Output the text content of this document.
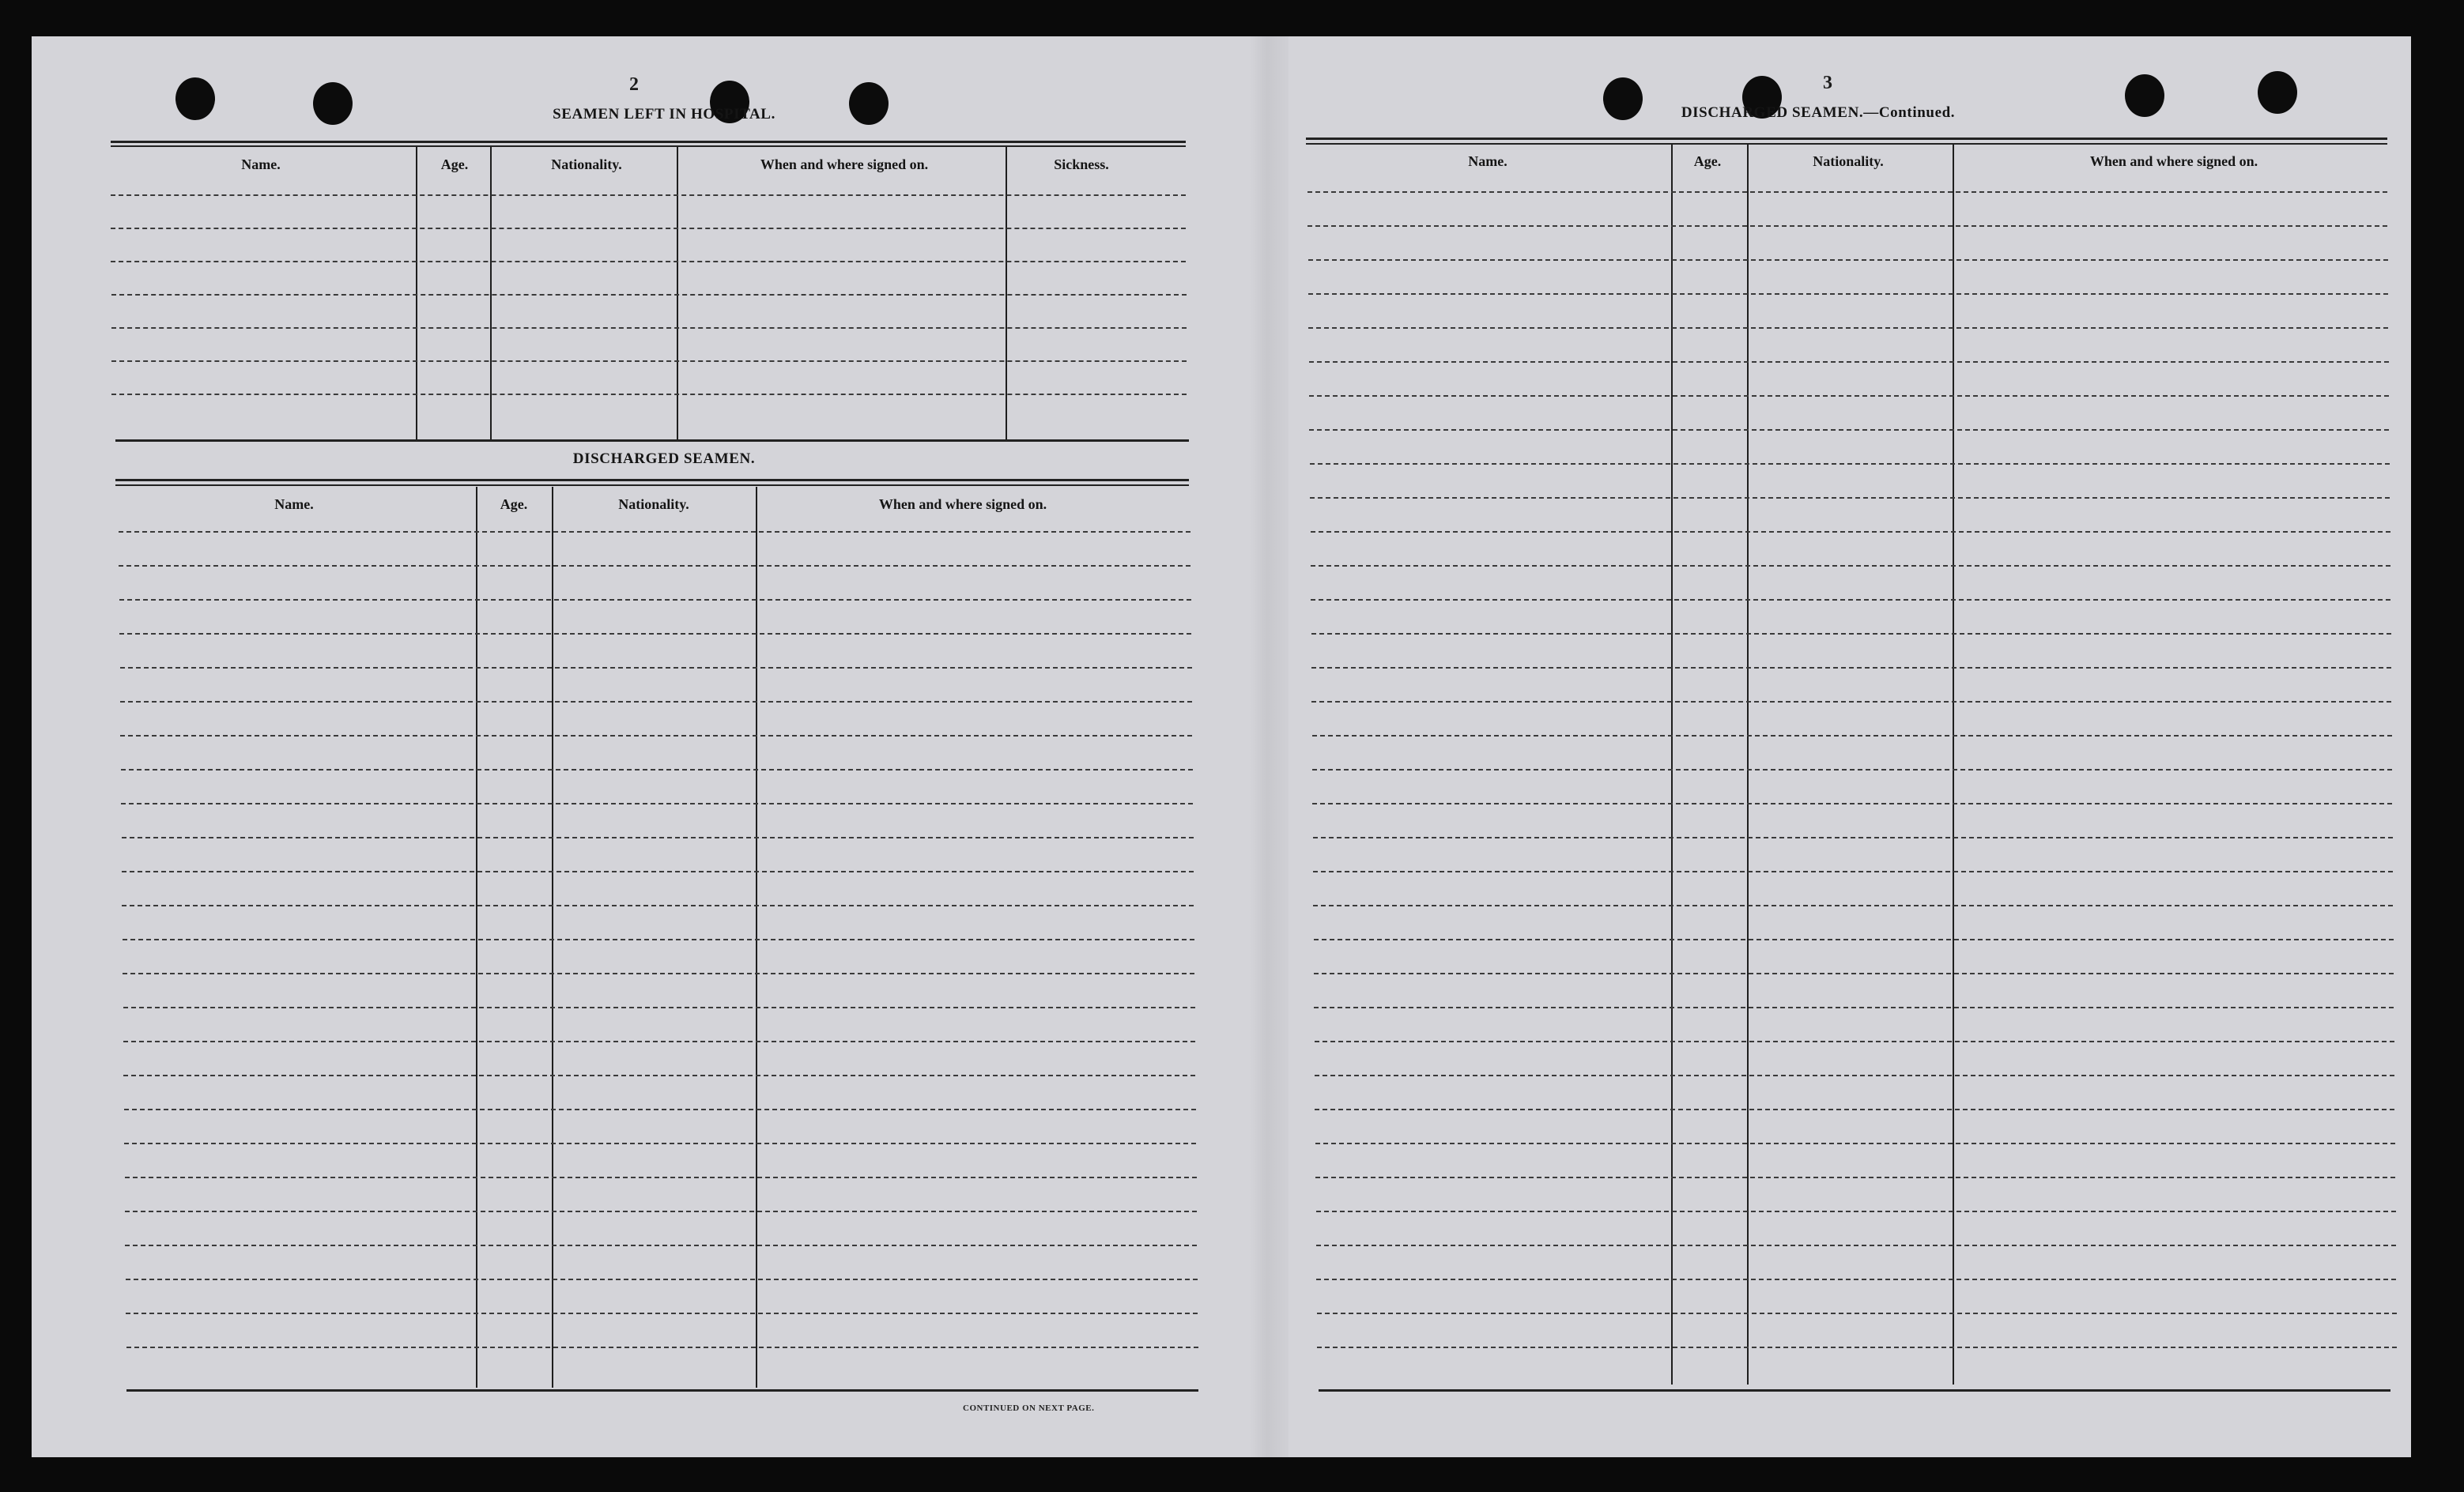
2
SEAMEN LEFT IN HOSPITAL.
Name.	Age.	Nationality.	When and where signed on.	Sickness.
DISCHARGED SEAMEN.
Name.	Age.	Nationality.	When and where signed on.
CONTINUED ON NEXT PAGE.

3
DISCHARGED SEAMEN.—Continued.
Name.	Age.	Nationality.	When and where signed on.
